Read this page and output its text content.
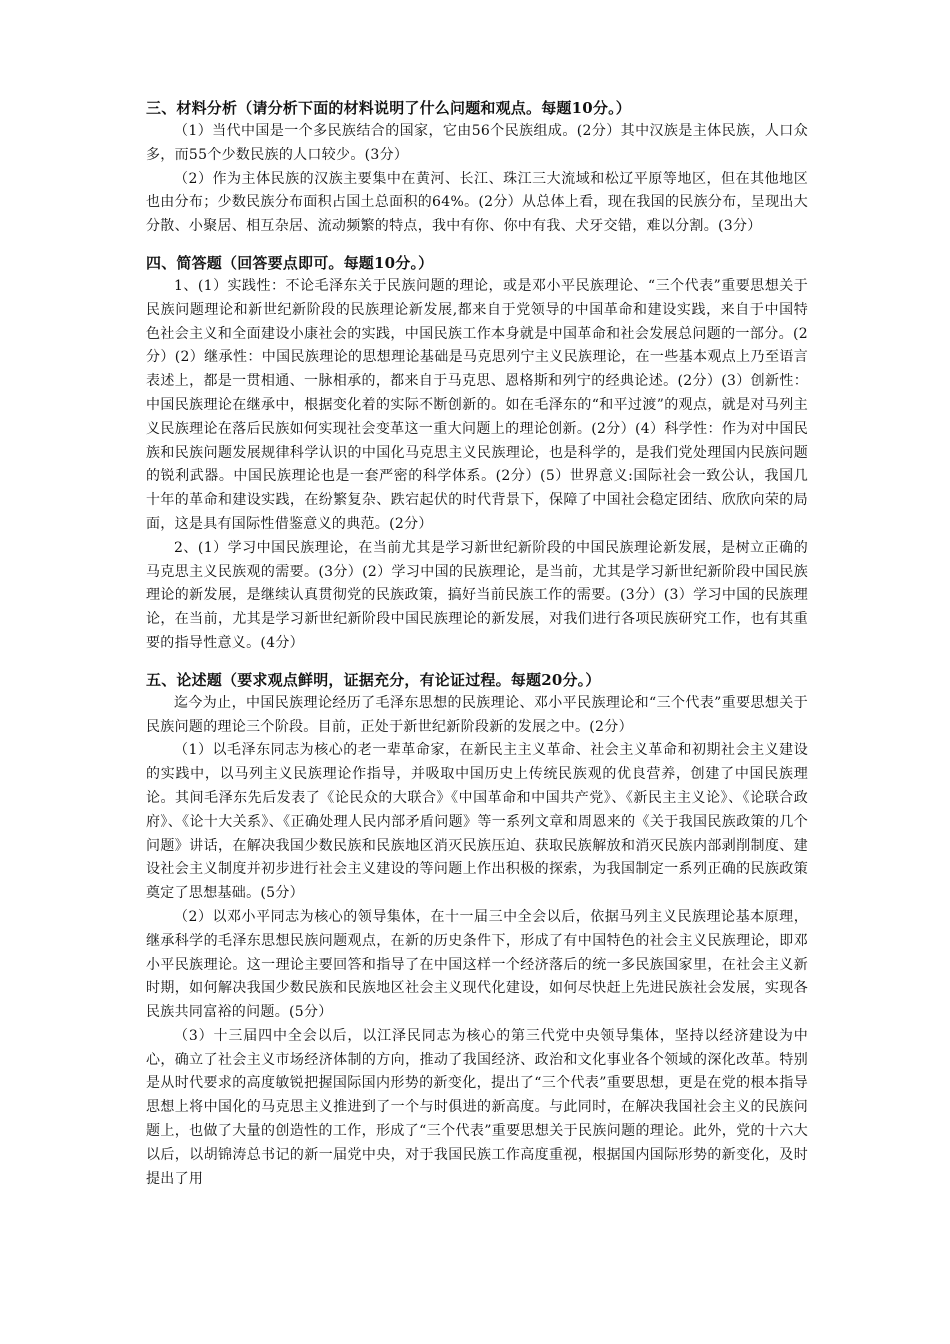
三、材料分析（请分析下面的材料说明了什么问题和观点。每题10分。）

（1）当代中国是一个多民族结合的国家，它由56个民族组成。(2分）其中汉族是主体民族，人口众多，而55个少数民族的人口较少。(3分）

（2）作为主体民族的汉族主要集中在黄河、长江、珠江三大流域和松辽平原等地区，但在其他地区也由分布；少数民族分布面积占国土总面积的64%。(2分）从总体上看，现在我国的民族分布，呈现出大分散、小聚居、相互杂居、流动频繁的特点，我中有你、你中有我、犬牙交错，难以分割。(3分）

四、简答题（回答要点即可。每题10分。）

1、(1）实践性：不论毛泽东关于民族问题的理论，或是邓小平民族理论、“三个代表”重要思想关于民族问题理论和新世纪新阶段的民族理论新发展,都来自于党领导的中国革命和建设实践，来自于中国特色社会主义和全面建设小康社会的实践，中国民族工作本身就是中国革命和社会发展总问题的一部分。(2分）(2）继承性：中国民族理论的思想理论基础是马克思列宁主义民族理论，在一些基本观点上乃至语言表述上，都是一贯相通、一脉相承的，都来自于马克思、恩格斯和列宁的经典论述。(2分）(3）创新性：中国民族理论在继承中，根据变化着的实际不断创新的。如在毛泽东的“和平过渡”的观点，就是对马列主义民族理论在落后民族如何实现社会变革这一重大问题上的理论创新。(2分）(4）科学性：作为对中国民族和民族问题发展规律科学认识的中国化马克思主义民族理论，也是科学的，是我们党处理国内民族问题的锐利武器。中国民族理论也是一套严密的科学体系。(2分）(5）世界意义:国际社会一致公认，我国几十年的革命和建设实践，在纷繁复杂、跌宕起伏的时代背景下，保障了中国社会稳定团结、欣欣向荣的局面，这是具有国际性借鉴意义的典范。(2分）

2、(1）学习中国民族理论，在当前尤其是学习新世纪新阶段的中国民族理论新发展，是树立正确的马克思主义民族观的需要。(3分）(2）学习中国的民族理论，是当前，尤其是学习新世纪新阶段中国民族理论的新发展，是继续认真贯彻党的民族政策，搞好当前民族工作的需要。(3分）(3）学习中国的民族理论，在当前，尤其是学习新世纪新阶段中国民族理论的新发展，对我们进行各项民族研究工作，也有其重要的指导性意义。(4分）

五、论述题（要求观点鲜明，证据充分，有论证过程。每题20分。）

迄今为止，中国民族理论经历了毛泽东思想的民族理论、邓小平民族理论和“三个代表”重要思想关于民族问题的理论三个阶段。目前，正处于新世纪新阶段新的发展之中。(2分）

（1）以毛泽东同志为核心的老一辈革命家，在新民主主义革命、社会主义革命和初期社会主义建设的实践中，以马列主义民族理论作指导，并吸取中国历史上传统民族观的优良营养，创建了中国民族理论。其间毛泽东先后发表了《论民众的大联合》《中国革命和中国共产党》、《新民主主义论》、《论联合政府》、《论十大关系》、《正确处理人民内部矛盾问题》等一系列文章和周恩来的《关于我国民族政策的几个问题》讲话，在解决我国少数民族和民族地区消灭民族压迫、获取民族解放和消灭民族内部剥削制度、建设社会主义制度并初步进行社会主义建设的等问题上作出积极的探索，为我国制定一系列正确的民族政策奠定了思想基础。(5分）

（2）以邓小平同志为核心的领导集体，在十一届三中全会以后，依据马列主义民族理论基本原理，继承科学的毛泽东思想民族问题观点，在新的历史条件下，形成了有中国特色的社会主义民族理论，即邓小平民族理论。这一理论主要回答和指导了在中国这样一个经济落后的统一多民族国家里，在社会主义新时期，如何解决我国少数民族和民族地区社会主义现代化建设，如何尽快赶上先进民族社会发展，实现各民族共同富裕的问题。(5分）

（3）十三届四中全会以后，以江泽民同志为核心的第三代党中央领导集体，坚持以经济建设为中心，确立了社会主义市场经济体制的方向，推动了我国经济、政治和文化事业各个领域的深化改革。特别是从时代要求的高度敏锐把握国际国内形势的新变化，提出了“三个代表”重要思想，更是在党的根本指导思想上将中国化的马克思主义推进到了一个与时俱进的新高度。与此同时，在解决我国社会主义的民族问题上，也做了大量的创造性的工作，形成了“三个代表”重要思想关于民族问题的理论。此外，党的十六大以后，以胡锦涛总书记的新一届党中央，对于我国民族工作高度重视，根据国内国际形势的新变化，及时提出了用
